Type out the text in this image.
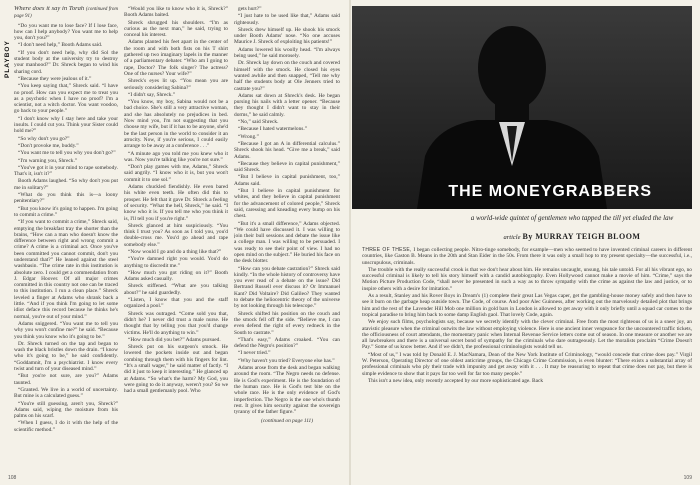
PLAYBOY
Where does it say in Torah (continued from page 91)

“Do you want me to lose face? If I lose face, how can I help anybody? You want me to help you, don't you?”

“I don't need help,” Booth Adams said.

“If you don't need help, why did Sol the student body at the university try to destroy your manhood?” Dr. Shreck began to wind his sharing cord.

“Because they were jealous of it.”

“You keep saying that,” Shreck said. “I have no proof. How can you expect me to treat you as a psychotic when I have no proof? I'm a scientist, not a witch doctor. You want voodoo, go back to your people.”

“I don't know why I stay here and take your insults. I could cut you. Think your Sister could hold me?”

“So why don't you go?”

“Don't provoke me, buddy.”

“You want me to tell you why you don't go?”

“I'm warning you, Shreck.”

“You've got it in your mind to rape somebody. That's it, isn't it?”

Booth Adams laughed. “So why don't you put me in solitary?”

“What do you think this is—a loony penitentiary?”

“But you know it's going to happen. I'm going to commit a crime.”

“If you want to commit a crime,” Shreck said, emptying the breakfast tray the shorter than the brains, “How can a man who doesn't know the difference between right and wrong commit a crime? A crime is a criminal act. Once you've been committed you cannot commit, don't you understand that?” He leaned against the steel washbasin. “The crime rate in this institution is absolute zero. I could get a commendation from J. Edgar Hoover. Of all major crimes committed in this country not one can be traced to this institution. I run a clean place.” Shreck leveled a finger at Adams who shrank back a little. “And if you think I'm going to let some idiot deface this record because he thinks he's normal, you're out of your mind.”

Adams sniggered. “You want me to tell you why you won't confine me?” he said. “Because you think you know who it's going to be.”

Dr. Shreck turned on the tap and began to wash the black bristles down the drain. “I know who it's going to be,” he said confidently. “Goddamnit, I'm a psychiatrist. I know every twist and turn of your diseased mind.”

“But you're not sure, are you?” Adams taunted.

“Granted. We live in a world of uncertainty. But mine is a calculated guess.”

“You're still guessing, aren't you, Shreck?” Adams said, wiping the moisture from his palms on his scarf.

“When I guess, I do it with the help of the scientific method.”

“Would you like to know who it is, Shreck?” Booth Adams baited.

Shreck shrugged his shoulders. “I'm as curious as the next man,” he said, trying to conceal his interest.

Adams planted his feet apart in the center of the room and with both fists on his T shirt gathered up two imaginary lapels in the manner of a parliamentary debater. “Who am I going to rape, Doctor? The folk singer? The actress? One of the nurses? Your wife?”

Shreck's eyes lit up. “You mean you are seriously considering Sabina?”

“I didn't say, Shreck.”

“You know, my boy, Sabina would not be a bad choice. She's still a very attractive woman, and she has absolutely no prejudices in bed. Now mind you, I'm not suggesting that you choose my wife, but if it has to be anyone, she'd be the last person in the world to consider it an atrocity. Now, if you're serious, I could easily arrange to be away at a conference . . .”

“A minute ago you told me you knew who it was. Now you're talking like you're not sure.”

“Don't play games with me, Adams,” Shreck said angrily. “I know who it is, but you won't commit it to one sol.”

Adams chuckled fiendishly. He even bared his white even teeth. He often did this to prosper. He felt that it gave Dr. Shreck a feeling of security. “What the hell, Shreck,” he said. “I know who it is. If you tell me who you think it is, I'll tell you if you're right.”

Shreck glanced at him suspiciously. “You think I trust you? As soon as I told you, you'd double-cross me. You'd go ahead and rape somebody else.”

“Now would I go and do a thing like that?”

“You're damned right you would. You'd do anything to discredit me.”

“How much you got riding on it?” Booth Adams asked casually.

Shreck stiffened. “What are you talking about?” he said guardedly.

“Listen, I know that you and the staff organized a pool.”

Shreck was outraged. “Come sold you that, didn't he? I never did trust a male nurse. He thought that by telling you that you'd change victims. He'll do anything to win.”

“How much did you bet?” Adams pursued.

Shreck put on his surgeon's smock. He lowered the pockets inside out and began combing through them with his fingers for lint. “It's a small wager,” he said matter of factly. “I did it just to keep it interesting.” He glanced up at Adams. “So what's the harm? My God, you were going to do it anyway, weren't you? So we had a small gentlemanly pool. Who

gets hurt?”

“I just hate to be used like that,” Adams said righteously.

Shreck drew himself up. He shook his smock under Booth Adams' nose. “No one accuses Maurice J. Shreck of exploiting his patients!”

Adams lowered his woolly head. “I'm always being used,” he said morosely.

Dr. Shreck lay down on the couch and covered himself with the smock. He closed his eyes wanted awhile and then snapped, “Tell me why half the students body at Ole Jenners tried to castrate you?”

Adams sat down at Shreck's desk. He began pursing his nails with a letter opener. “Because they thought I didn't want to stay in their dorms,” he said calmly.

“No,” said Shreck.

“Because I hated watermelons.”

“Wrong.”

“Because I got an A in differential calculus.” Shreck shook his head. “Give me a break,” said Adams.

“Because they believe in capital punishment,” said Shreck.

“But I believe in capital punishment, too,” Adams said.

“But I believe in capital punishment for whites, and they believe in capital punishment for the advancement of colored people,” Shreck said, caressing and kneading every bump on his chest.

“But it's a small difference,” Adams objected. “We could have discussed it. I was willing to join their bull sessions and debate the issue like a college man. I was willing to be persuaded. I was ready to see their point of view. I had no open mind on the subject.” He buried his face on the desk blotter.

“How can you debate castration?” Shreck said kindly. “In the whole history of controversy have you ever read of a debate on the issue? Did Bertrand Russell ever discuss it? Or Immanuel Kant? Did Voltaire? Did Galileo? They wanted to debate the heliocentric theory of the universe by not looking through his telescope.”

Shreck shifted his position on the couch and the smock fell off the side. “Believe me, I can even defend the right of every redneck in the South to castrate.”

“That's easy,” Adams croaked. “You can defend the Negro's position?”

“I never tried.”

“Why haven't you tried? Everyone else has.”

Adams arose from the desk and began walking around the room. “The Negro needs no defense. He is God's experiment. He is the foundation of the human race. He is God's test bite on the whole race. He is the only evidence of God's imperfection. The Negro is the one who's thumb rest. It gives him security against the sovereign tyranny of the father figure.”

(continued on page 111)
108
THE MONEYGRABBERS
a world-wide quintet of gentlemen who tapped the till yet eluded the law
article By MURRAY TEIGH BLOOM

THREE OF THESE, I began collecting people. Nitro-tinge somebody, for example—men who seemed to have invented criminal careers in different countries, like Gaston B. Means in the 20th and Stan Eider in the 50s. From there it was only a small hop to my present specialty—the successful, i.e., unscrupulous, criminals.

The trouble with the really successful crook is that we don't hear about him. He remains uncaught, unsung, his tale untold. For all his vibrant ego, no successful criminal is likely to tell his story himself with a candid autobiography. Even Hollywood cannot make a movie of him. “Crime,” says the Motion Picture Production Code, “shall never be presented in such a way as to throw sympathy with the crime as against the law and justice, or to inspire others with a desire for imitation.”

As a result, Stanley and his Rover Boys in Dream's (1) complete their great Las Vegas caper, get the gambling-house money safely and then have to see it burn on the garbage heap outside town. The Code, of course. And poor Alec Guinness, after working out the marvelously detailed plot that brings him and the rest of the Lavender Hill Mob one million in gold bars in London is allowed to get away with it only briefly until a squad car comes to the tropical paradise to bring him back to some damp English gaol. That lovely Code, again.

We enjoy such films, psychologists say, because we secretly identify with the clever criminal. Free from the most righteous of us is a sneer joy, an atavistic pleasure when the criminal outwits the law without employing violence. Here is one ancient inner vengeance for the uncountered traffic tickets, the officiousness of court attendants, the momentary panic when Internal Revenue Service letters come out of season. In one measure or another we are all lawbreakers and there is a universal secret bond of sympathy for the criminals who dare outrageously. Let the moralists proclaim “Crime Doesn't Pay.” Some of us know better. And if we didn't, the professional criminologists would tell us.

“Most of us,” I was told by Donald E. J. MacNamara, Dean of the New York Institute of Criminology, “would concede that crime does pay.” Virgil W. Peterson, Operating Director of one oldest anticrime groups, the Chicago Crime Commission, is even blunter: “There exists a substantial array of professional criminals who ply their trade with impunity and get away with it . . . It may be reassuring to repeat that crime does not pay, but there is simple evidence to show that it pays far too well for far too many people.”

This isn't a new idea, only recently accepted by our more sophisticated age. Back

109
